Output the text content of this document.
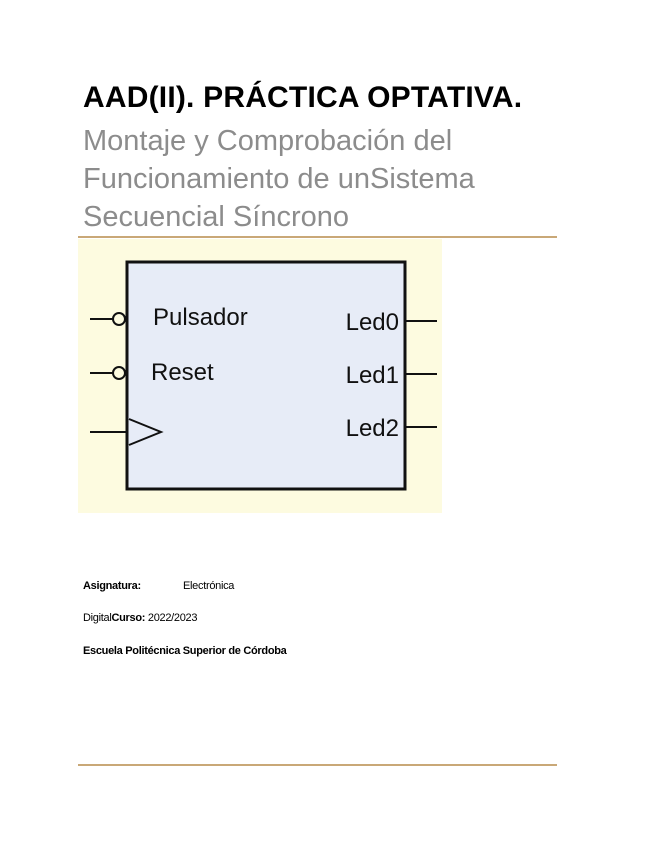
AAD(II). PRÁCTICA OPTATIVA.
Montaje y Comprobación del
Funcionamiento de unSistema
Secuencial Síncrono
Pulsador
Reset
Led0
Led1
Led2
Asignatura:	Electrónica
DigitalCurso: 2022/2023
Escuela Politécnica Superior de Córdoba
